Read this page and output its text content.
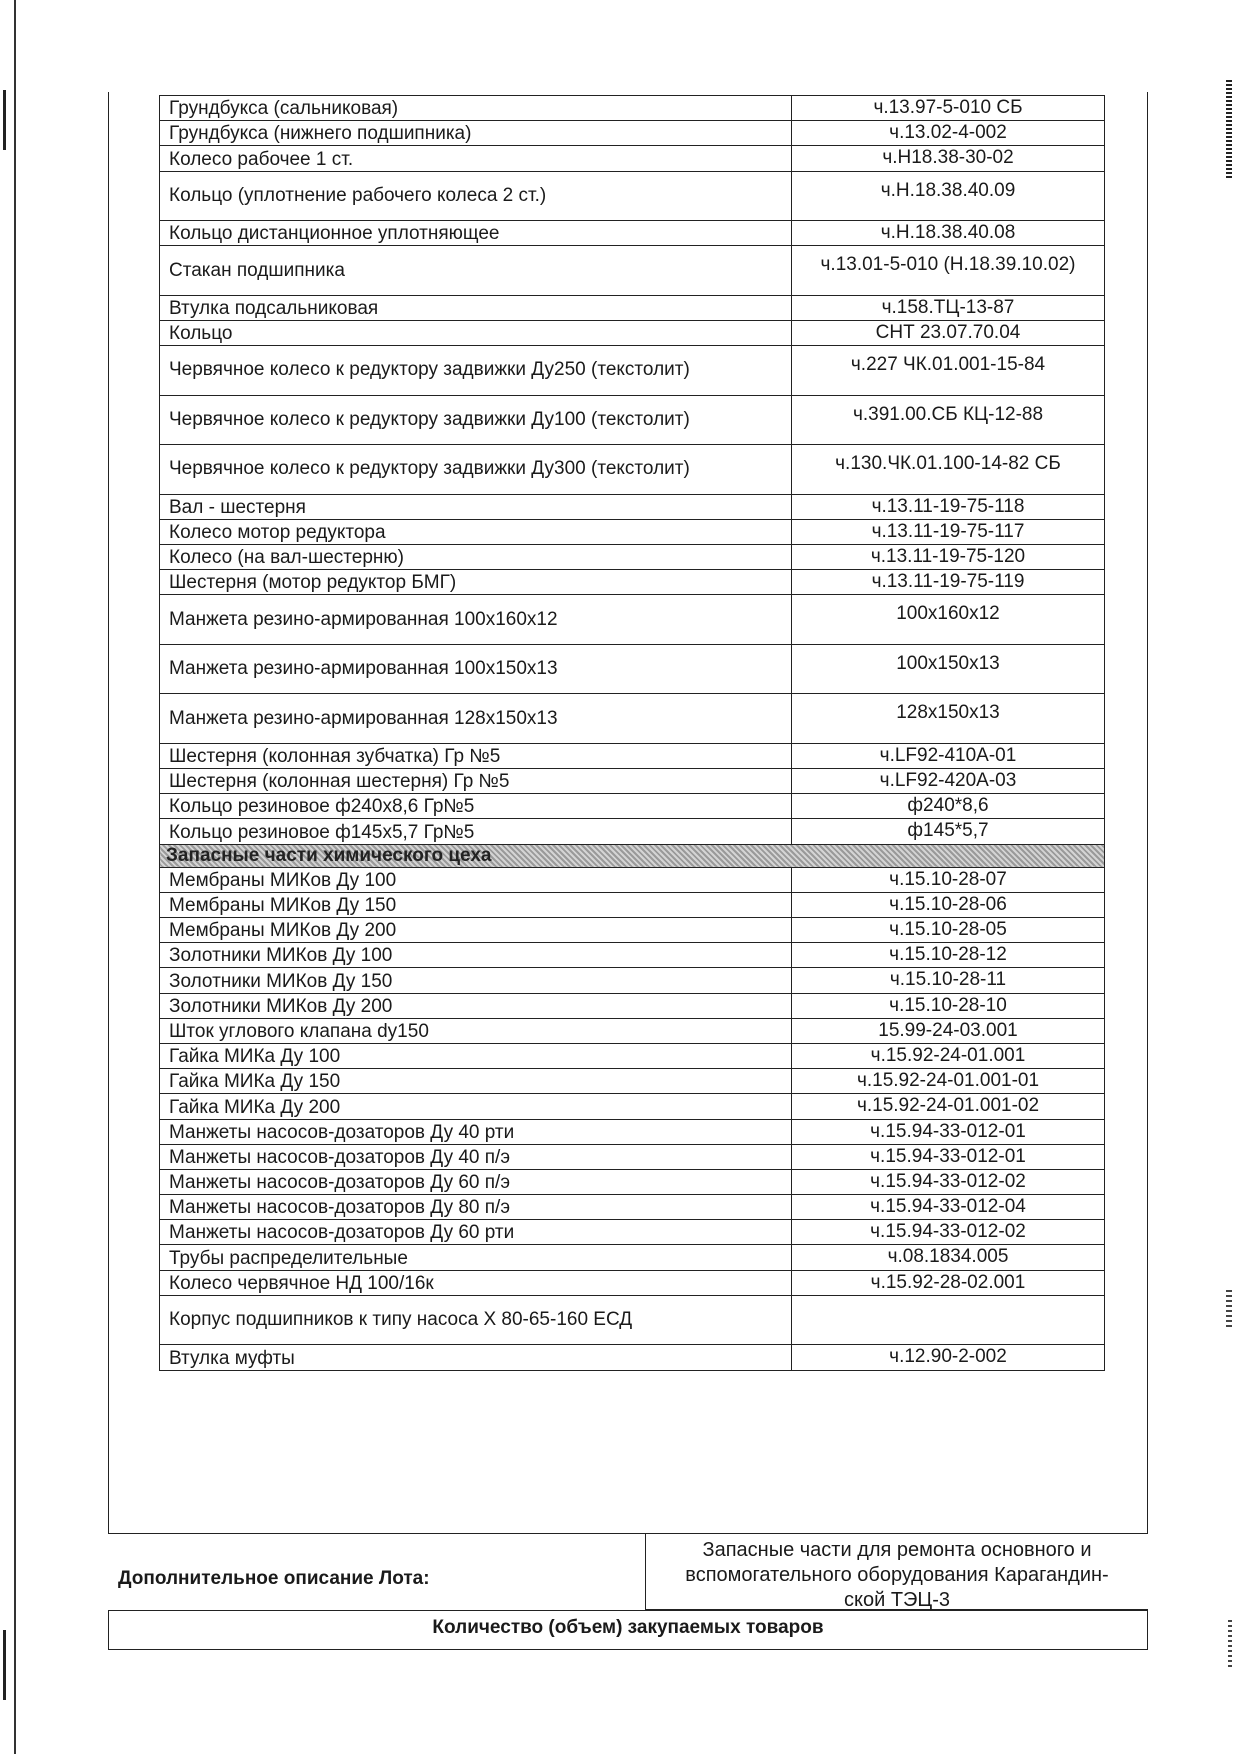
Грундбукса (сальниковая)	ч.13.97-5-010 СБ
Грундбукса (нижнего подшипника)	ч.13.02-4-002
Колесо рабочее 1 ст.	ч.Н18.38-30-02
Кольцо (уплотнение рабочего колеса 2 ст.)	ч.Н.18.38.40.09
Кольцо дистанционное уплотняющее	ч.Н.18.38.40.08
Стакан подшипника	ч.13.01-5-010 (Н.18.39.10.02)
Втулка подсальниковая	ч.158.ТЦ-13-87
Кольцо	СНТ 23.07.70.04
Червячное колесо к редуктору задвижки Ду250 (текстолит)	ч.227 ЧК.01.001-15-84
Червячное колесо к редуктору задвижки Ду100 (текстолит)	ч.391.00.СБ КЦ-12-88
Червячное колесо к редуктору задвижки Ду300 (текстолит)	ч.130.ЧК.01.100-14-82 СБ
Вал - шестерня	ч.13.11-19-75-118
Колесо мотор редуктора	ч.13.11-19-75-117
Колесо (на вал-шестерню)	ч.13.11-19-75-120
Шестерня (мотор редуктор БМГ)	ч.13.11-19-75-119
Манжета резино-армированная 100х160х12	100х160х12
Манжета резино-армированная 100х150х13	100х150х13
Манжета резино-армированная 128х150х13	128х150х13
Шестерня (колонная зубчатка) Гр №5	ч.LF92-410А-01
Шестерня (колонная шестерня) Гр №5	ч.LF92-420А-03
Кольцо резиновое ф240х8,6 Гр№5	ф240*8,6
Кольцо резиновое ф145х5,7 Гр№5	ф145*5,7
Запасные части химического цеха	
Мембраны МИКов Ду 100	ч.15.10-28-07
Мембраны МИКов Ду 150	ч.15.10-28-06
Мембраны МИКов Ду 200	ч.15.10-28-05
Золотники МИКов Ду 100	ч.15.10-28-12
Золотники МИКов Ду 150	ч.15.10-28-11
Золотники МИКов Ду 200	ч.15.10-28-10
Шток углового клапана dy150	15.99-24-03.001
Гайка МИКа Ду 100	ч.15.92-24-01.001
Гайка МИКа Ду 150	ч.15.92-24-01.001-01
Гайка МИКа Ду 200	ч.15.92-24-01.001-02
Манжеты насосов-дозаторов Ду 40 рти	ч.15.94-33-012-01
Манжеты насосов-дозаторов Ду 40 п/э	ч.15.94-33-012-01
Манжеты насосов-дозаторов Ду 60 п/э	ч.15.94-33-012-02
Манжеты насосов-дозаторов Ду 80 п/э	ч.15.94-33-012-04
Манжеты насосов-дозаторов Ду 60 рти	ч.15.94-33-012-02
Трубы распределительные	ч.08.1834.005
Колесо червячное НД 100/16к	ч.15.92-28-02.001
Корпус подшипников к типу насоса Х 80-65-160 ЕСД	
Втулка муфты	ч.12.90-2-002
Дополнительное описание Лота:
Запасные части для ремонта основного и
вспомогательного оборудования Карагандин-
ской ТЭЦ-3
Количество (объем) закупаемых товаров
